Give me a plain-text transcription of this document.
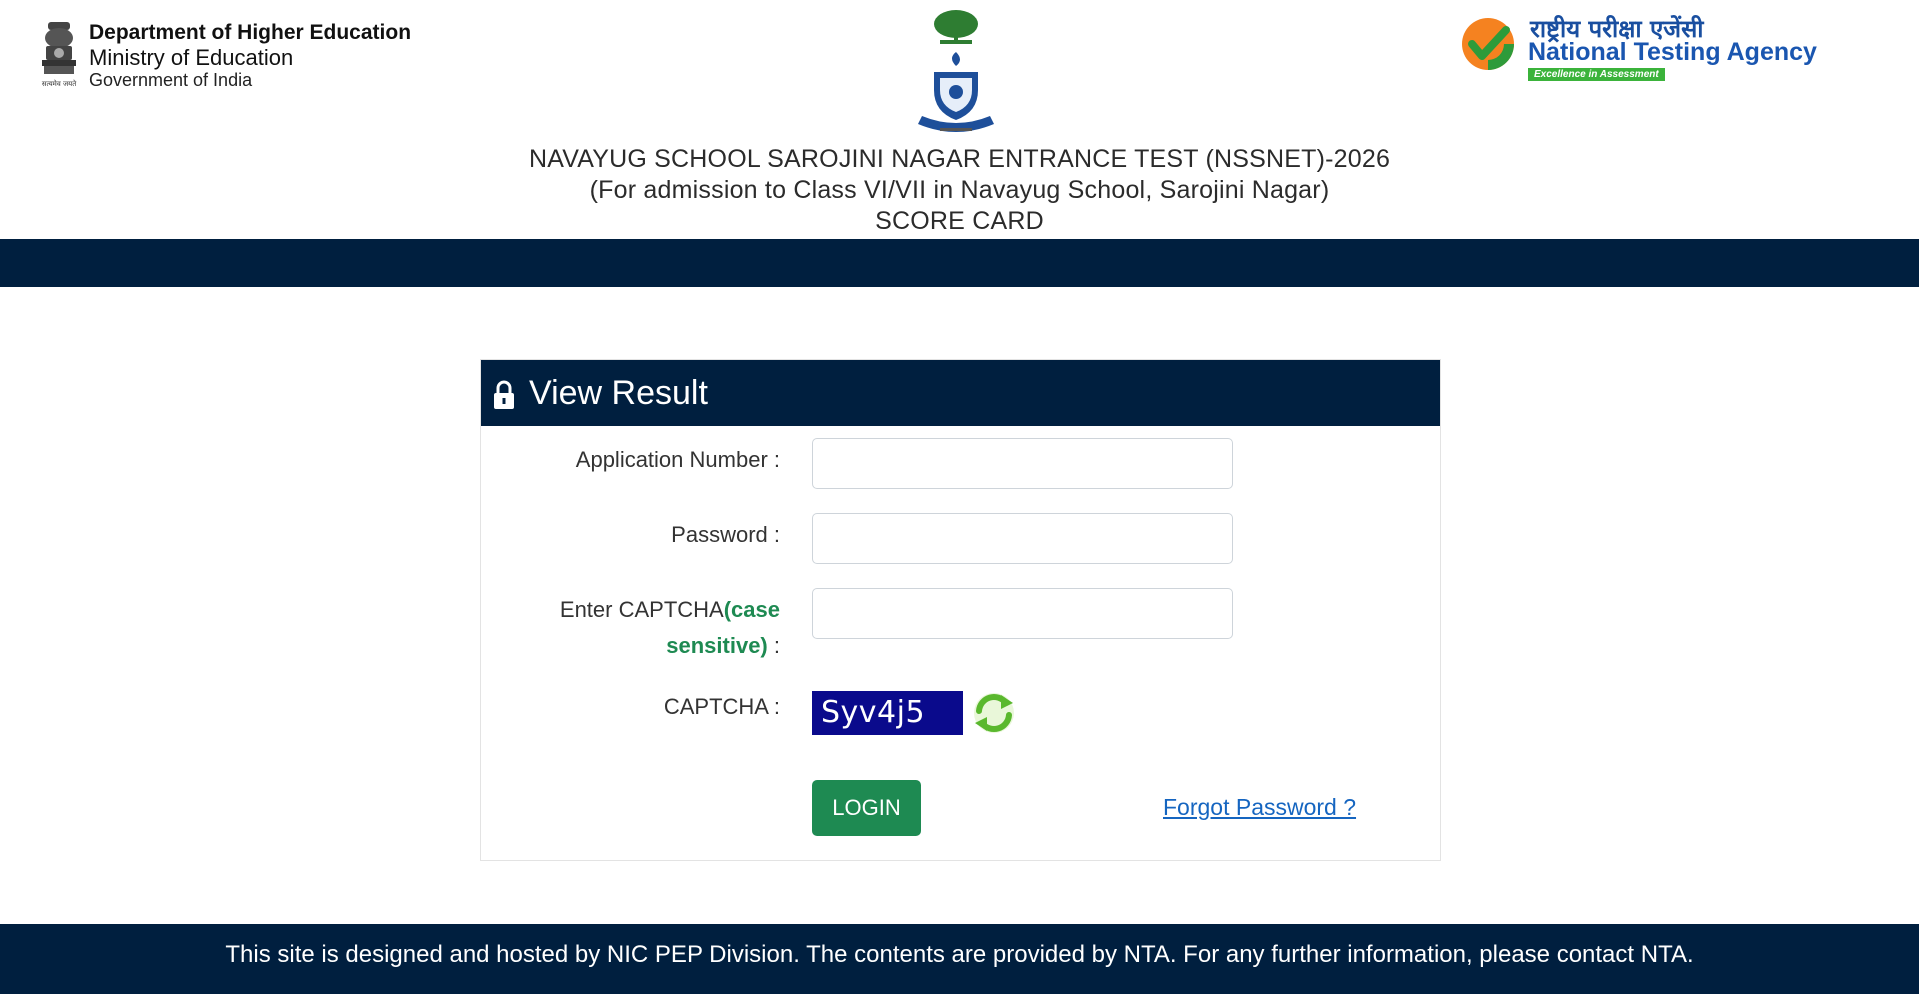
सत्यमेव जयते
Department of Higher Education
Ministry of Education
Government of India
राष्ट्रीय परीक्षा एजेंसी
National Testing Agency
Excellence in Assessment
NAVAYUG SCHOOL SAROJINI NAGAR ENTRANCE TEST (NSSNET)-2026
(For admission to Class VI/VII in Navayug School, Sarojini Nagar)
SCORE CARD
View Result
Application Number :
Password :
Enter CAPTCHA(case sensitive) :
CAPTCHA :	Syv4j5
LOGIN	Forgot Password ?
This site is designed and hosted by NIC PEP Division. The contents are provided by NTA. For any further information, please contact NTA.
